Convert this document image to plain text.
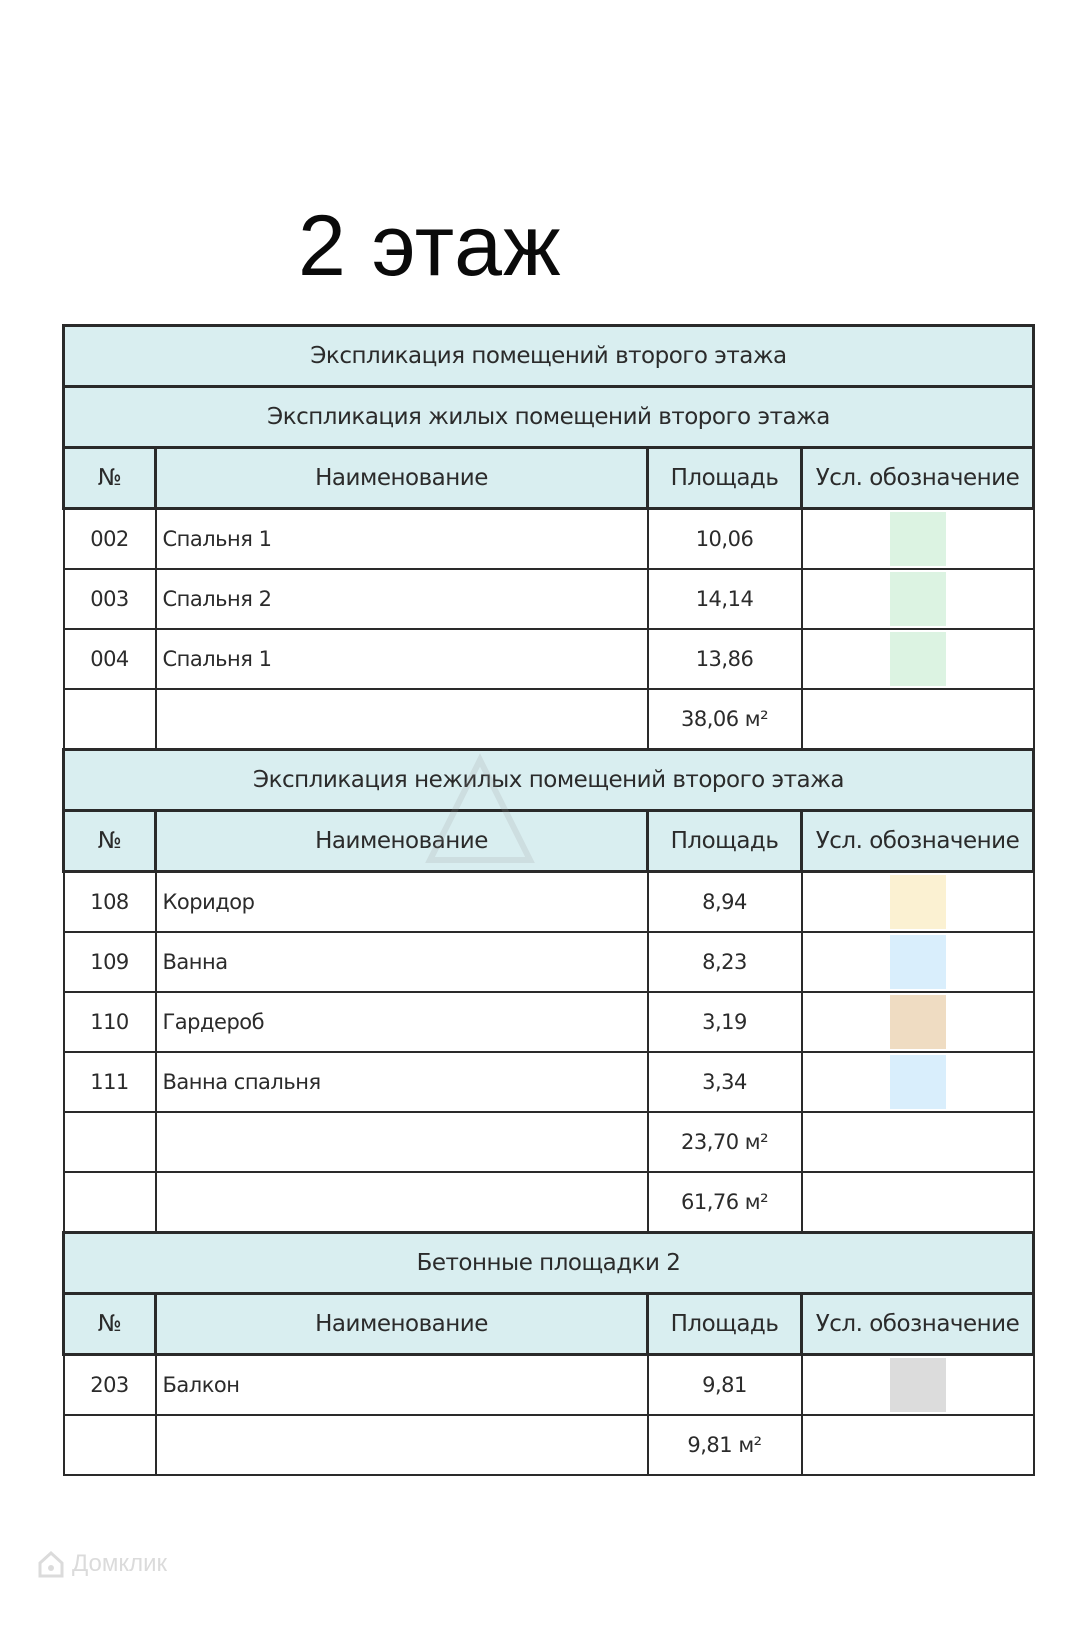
2 этаж
Экспликация помещений второго этажа			
Экспликация жилых помещений второго этажа			
№	Наименование	Площадь	Усл. обозначение
002	Спальня 1	10,06	
003	Спальня 2	14,14	
004	Спальня 1	13,86	
		38,06 м²	
Экспликация нежилых помещений второго этажа			
№	Наименование	Площадь	Усл. обозначение
108	Коридор	8,94	
109	Ванна	8,23	
110	Гардероб	3,19	
111	Ванна спальня	3,34	
		23,70 м²	
		61,76 м²	
Бетонные площадки 2			
№	Наименование	Площадь	Усл. обозначение
203	Балкон	9,81	
		9,81 м²	
Домклик
